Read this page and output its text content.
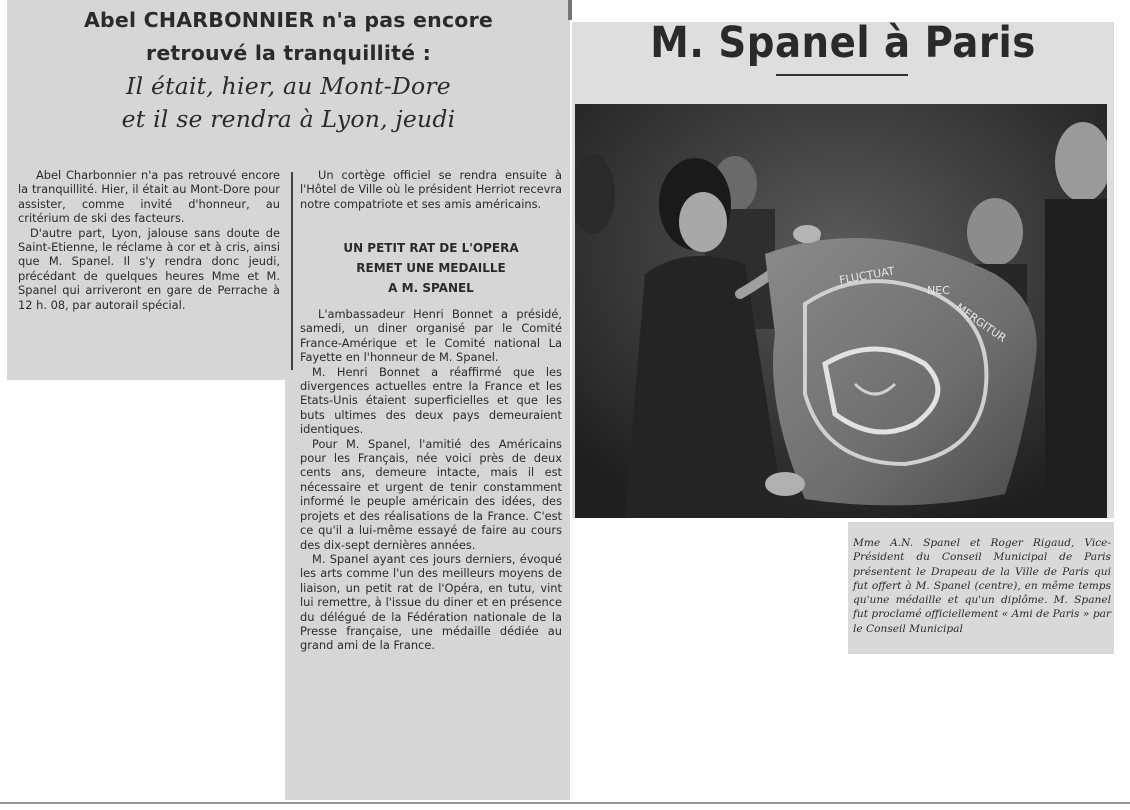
Abel CHARBONNIER n'a pas encore
retrouvé la tranquillité :
Il était, hier, au Mont-Dore
et il se rendra à Lyon, jeudi

Abel Charbonnier n'a pas retrouvé encore la tranquillité. Hier, il était au Mont-Dore pour assister, comme invité d'honneur, au critérium de ski des facteurs.

D'autre part, Lyon, jalouse sans doute de Saint-Etienne, le réclame à cor et à cris, ainsi que M. Spanel. Il s'y rendra donc jeudi, précédant de quelques heures Mme et M. Spanel qui arriveront en gare de Perrache à 12 h. 08, par autorail spécial.

Un cortège officiel se rendra ensuite à l'Hôtel de Ville où le président Herriot recevra notre compatriote et ses amis américains.

UN PETIT RAT DE L'OPERA
REMET UNE MEDAILLE
A M. SPANEL

L'ambassadeur Henri Bonnet a présidé, samedi, un diner organisé par le Comité France-Amérique et le Comité national La Fayette en l'honneur de M. Spanel.

M. Henri Bonnet a réaffirmé que les divergences actuelles entre la France et les Etats-Unis étaient superficielles et que les buts ultimes des deux pays demeuraient identiques.

Pour M. Spanel, l'amitié des Américains pour les Français, née voici près de deux cents ans, demeure intacte, mais il est nécessaire et urgent de tenir constamment informé le peuple américain des idées, des projets et des réalisations de la France. C'est ce qu'il a lui-même essayé de faire au cours des dix-sept dernières années.

M. Spanel ayant ces jours derniers, évoqué les arts comme l'un des meilleurs moyens de liaison, un petit rat de l'Opéra, en tutu, vint lui remettre, à l'issue du diner et en présence du délégué de la Fédération nationale de la Presse française, une médaille dédiée au grand ami de la France.

M. Spanel à Paris
FLUCTUAT
NEC
MERGITUR
Mme A.N. Spanel et Roger Rigaud, Vice-Président du Conseil Municipal de Paris présentent le Drapeau de la Ville de Paris qui fut offert à M. Spanel (centre), en même temps qu'une médaille et qu'un diplôme. M. Spanel fut proclamé officiellement « Ami de Paris » par le Conseil Municipal
